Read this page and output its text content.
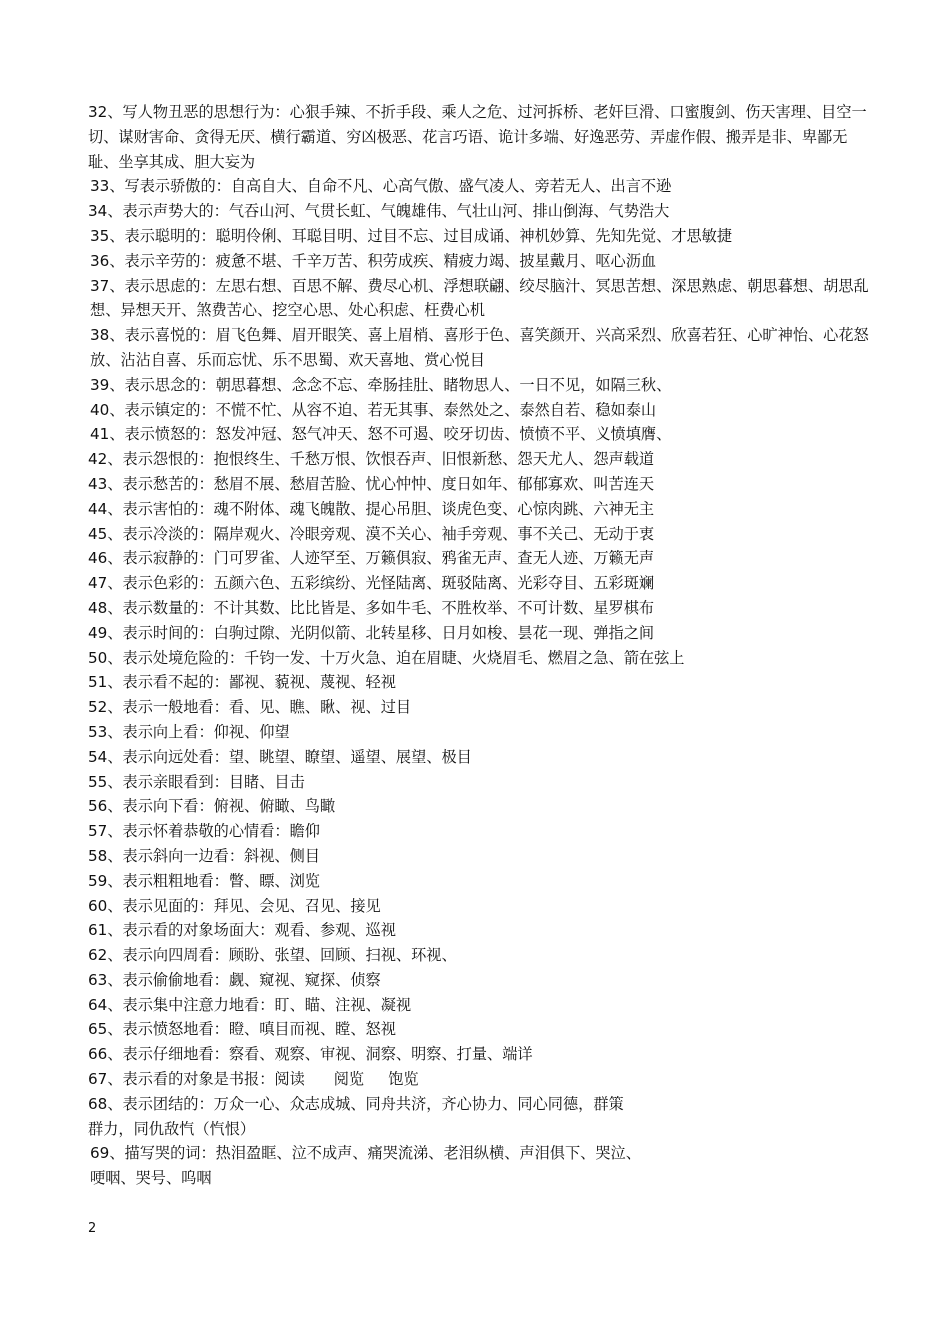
32、写人物丑恶的思想行为：心狠手辣、不折手段、乘人之危、过河拆桥、老奸巨滑、口蜜腹剑、伤天害理、目空一切、谋财害命、贪得无厌、横行霸道、穷凶极恶、花言巧语、诡计多端、好逸恶劳、弄虚作假、搬弄是非、卑鄙无耻、坐享其成、胆大妄为

33、写表示骄傲的：自高自大、自命不凡、心高气傲、盛气凌人、旁若无人、出言不逊

34、表示声势大的：气吞山河、气贯长虹、气魄雄伟、气壮山河、排山倒海、气势浩大

35、表示聪明的：聪明伶俐、耳聪目明、过目不忘、过目成诵、神机妙算、先知先觉、才思敏捷

36、表示辛劳的：疲惫不堪、千辛万苦、积劳成疾、精疲力竭、披星戴月、呕心沥血

37、表示思虑的：左思右想、百思不解、费尽心机、浮想联翩、绞尽脑汁、冥思苦想、深思熟虑、朝思暮想、胡思乱想、异想天开、煞费苦心、挖空心思、处心积虑、枉费心机

38、表示喜悦的：眉飞色舞、眉开眼笑、喜上眉梢、喜形于色、喜笑颜开、兴高采烈、欣喜若狂、心旷神怡、心花怒放、沾沾自喜、乐而忘忧、乐不思蜀、欢天喜地、赏心悦目

39、表示思念的：朝思暮想、念念不忘、牵肠挂肚、睹物思人、一日不见，如隔三秋、

40、表示镇定的：不慌不忙、从容不迫、若无其事、泰然处之、泰然自若、稳如泰山

41、表示愤怒的：怒发冲冠、怒气冲天、怒不可遏、咬牙切齿、愤愤不平、义愤填膺、

42、表示怨恨的：抱恨终生、千愁万恨、饮恨吞声、旧恨新愁、怨天尤人、怨声载道

43、表示愁苦的：愁眉不展、愁眉苦脸、忧心忡忡、度日如年、郁郁寡欢、叫苦连天

44、表示害怕的：魂不附体、魂飞魄散、提心吊胆、谈虎色变、心惊肉跳、六神无主

45、表示冷淡的：隔岸观火、冷眼旁观、漠不关心、袖手旁观、事不关己、无动于衷

46、表示寂静的：门可罗雀、人迹罕至、万籁俱寂、鸦雀无声、查无人迹、万籁无声

47、表示色彩的：五颜六色、五彩缤纷、光怪陆离、斑驳陆离、光彩夺目、五彩斑斓

48、表示数量的：不计其数、比比皆是、多如牛毛、不胜枚举、不可计数、星罗棋布

49、表示时间的：白驹过隙、光阴似箭、北转星移、日月如梭、昙花一现、弹指之间

50、表示处境危险的：千钧一发、十万火急、迫在眉睫、火烧眉毛、燃眉之急、箭在弦上

51、表示看不起的：鄙视、藐视、蔑视、轻视

52、表示一般地看：看、见、瞧、瞅、视、过目

53、表示向上看：仰视、仰望

54、表示向远处看：望、眺望、瞭望、遥望、展望、极目

55、表示亲眼看到：目睹、目击

56、表示向下看：俯视、俯瞰、鸟瞰

57、表示怀着恭敬的心情看：瞻仰

58、表示斜向一边看：斜视、侧目

59、表示粗粗地看：瞥、瞟、浏览

60、表示见面的：拜见、会见、召见、接见

61、表示看的对象场面大：观看、参观、巡视

62、表示向四周看：顾盼、张望、回顾、扫视、环视、

63、表示偷偷地看：觑、窥视、窥探、侦察

64、表示集中注意力地看：盯、瞄、注视、凝视

65、表示愤怒地看：瞪、嗔目而视、瞠、怒视

66、表示仔细地看：察看、观察、审视、洞察、明察、打量、端详

67、表示看的对象是书报：阅读      阅览     饱览

68、表示团结的：万众一心、众志成城、同舟共济，齐心协力、同心同德，群策
群力，同仇敌忾（忾恨）

69、描写哭的词：热泪盈眶、泣不成声、痛哭流涕、老泪纵横、声泪俱下、哭泣、
哽咽、哭号、呜咽

2
